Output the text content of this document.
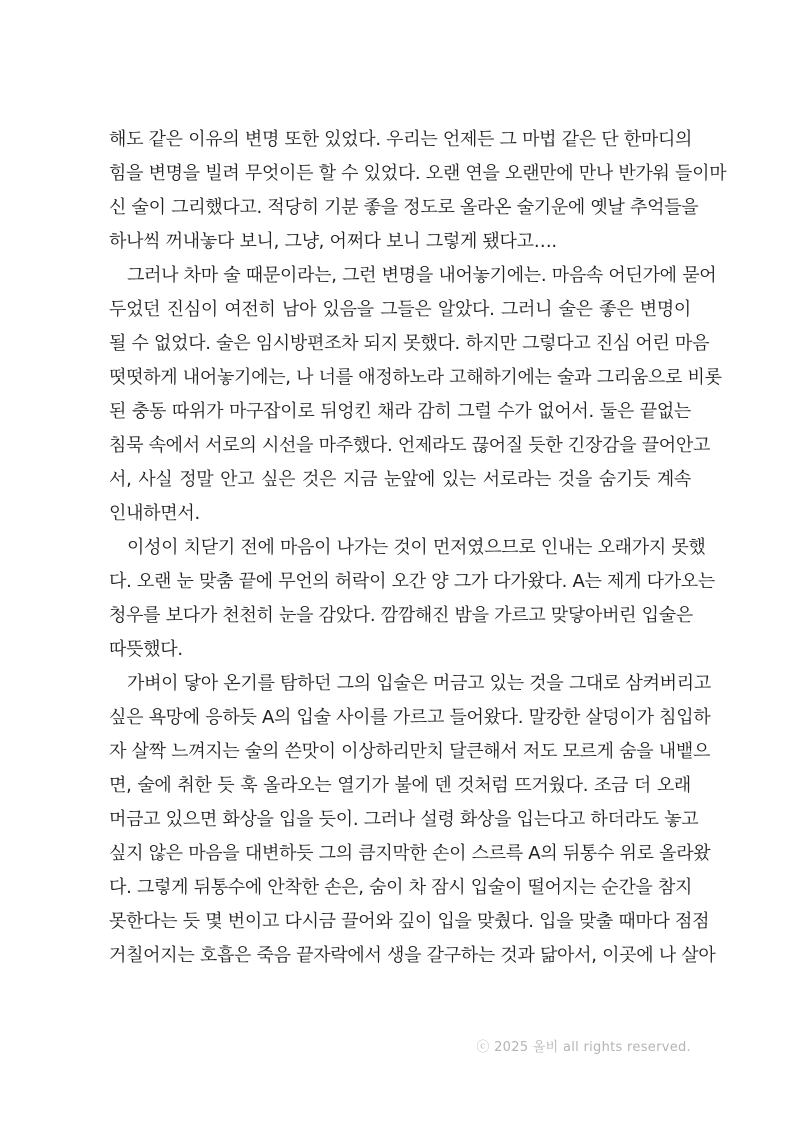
해도 같은 이유의 변명 또한 있었다. 우리는 언제든 그 마법 같은 단 한마디의
힘을 변명을 빌려 무엇이든 할 수 있었다. 오랜 연을 오랜만에 만나 반가워 들이마
신 술이 그리했다고. 적당히 기분 좋을 정도로 올라온 술기운에 옛날 추억들을
하나씩 꺼내놓다 보니, 그냥, 어쩌다 보니 그렇게 됐다고….
그러나 차마 술 때문이라는, 그런 변명을 내어놓기에는. 마음속 어딘가에 묻어
두었던 진심이 여전히 남아 있음을 그들은 알았다. 그러니 술은 좋은 변명이
될 수 없었다. 술은 임시방편조차 되지 못했다. 하지만 그렇다고 진심 어린 마음
떳떳하게 내어놓기에는, 나 너를 애정하노라 고해하기에는 술과 그리움으로 비롯
된 충동 따위가 마구잡이로 뒤엉킨 채라 감히 그럴 수가 없어서. 둘은 끝없는
침묵 속에서 서로의 시선을 마주했다. 언제라도 끊어질 듯한 긴장감을 끌어안고
서, 사실 정말 안고 싶은 것은 지금 눈앞에 있는 서로라는 것을 숨기듯 계속
인내하면서.
이성이 치닫기 전에 마음이 나가는 것이 먼저였으므로 인내는 오래가지 못했
다. 오랜 눈 맞춤 끝에 무언의 허락이 오간 양 그가 다가왔다. A는 제게 다가오는
청우를 보다가 천천히 눈을 감았다. 깜깜해진 밤을 가르고 맞닿아버린 입술은
따뜻했다.
가벼이 닿아 온기를 탐하던 그의 입술은 머금고 있는 것을 그대로 삼켜버리고
싶은 욕망에 응하듯 A의 입술 사이를 가르고 들어왔다. 말캉한 살덩이가 침입하
자 살짝 느껴지는 술의 쓴맛이 이상하리만치 달큰해서 저도 모르게 숨을 내뱉으
면, 술에 취한 듯 훅 올라오는 열기가 불에 덴 것처럼 뜨거웠다. 조금 더 오래
머금고 있으면 화상을 입을 듯이. 그러나 설령 화상을 입는다고 하더라도 놓고
싶지 않은 마음을 대변하듯 그의 큼지막한 손이 스르륵 A의 뒤통수 위로 올라왔
다. 그렇게 뒤통수에 안착한 손은, 숨이 차 잠시 입술이 떨어지는 순간을 참지
못한다는 듯 몇 번이고 다시금 끌어와 깊이 입을 맞췄다. 입을 맞출 때마다 점점
거칠어지는 호흡은 죽음 끝자락에서 생을 갈구하는 것과 닮아서, 이곳에 나 살아
ⓒ 2025 올비 all rights reserved.
